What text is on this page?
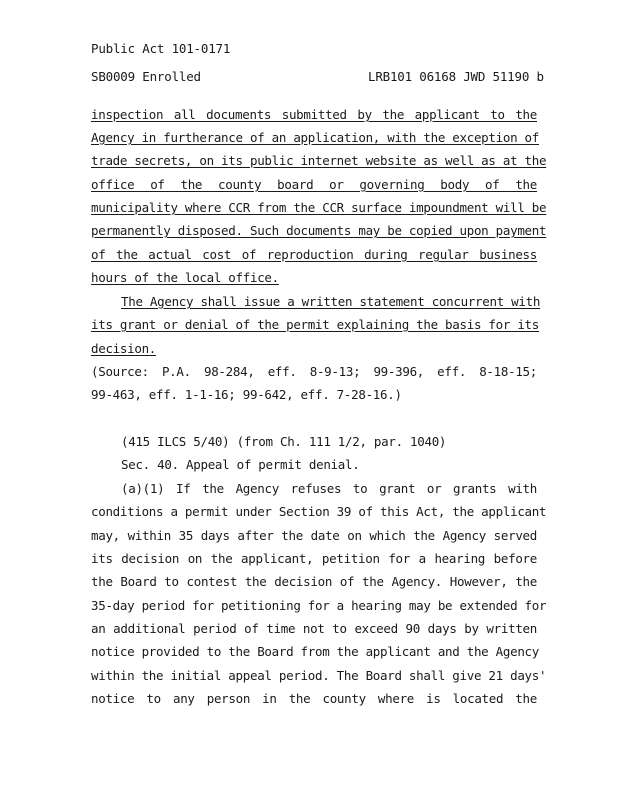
Public Act 101-0171
SB0009 Enrolled	LRB101 06168 JWD 51190 b
inspection all documents submitted by the applicant to the
Agency in furtherance of an application, with the exception of
trade secrets, on its public internet website as well as at the
office of the county board or governing body of the
municipality where CCR from the CCR surface impoundment will be
permanently disposed. Such documents may be copied upon payment
of the actual cost of reproduction during regular business
hours of the local office.
The Agency shall issue a written statement concurrent with
its grant or denial of the permit explaining the basis for its
decision.
(Source: P.A. 98-284, eff. 8-9-13; 99-396, eff. 8-18-15;
99-463, eff. 1-1-16; 99-642, eff. 7-28-16.)
(415 ILCS 5/40) (from Ch. 111 1/2, par. 1040)
Sec. 40. Appeal of permit denial.
(a)(1) If the Agency refuses to grant or grants with
conditions a permit under Section 39 of this Act, the applicant
may, within 35 days after the date on which the Agency served
its decision on the applicant, petition for a hearing before
the Board to contest the decision of the Agency. However, the
35-day period for petitioning for a hearing may be extended for
an additional period of time not to exceed 90 days by written
notice provided to the Board from the applicant and the Agency
within the initial appeal period. The Board shall give 21 days'
notice to any person in the county where is located the
